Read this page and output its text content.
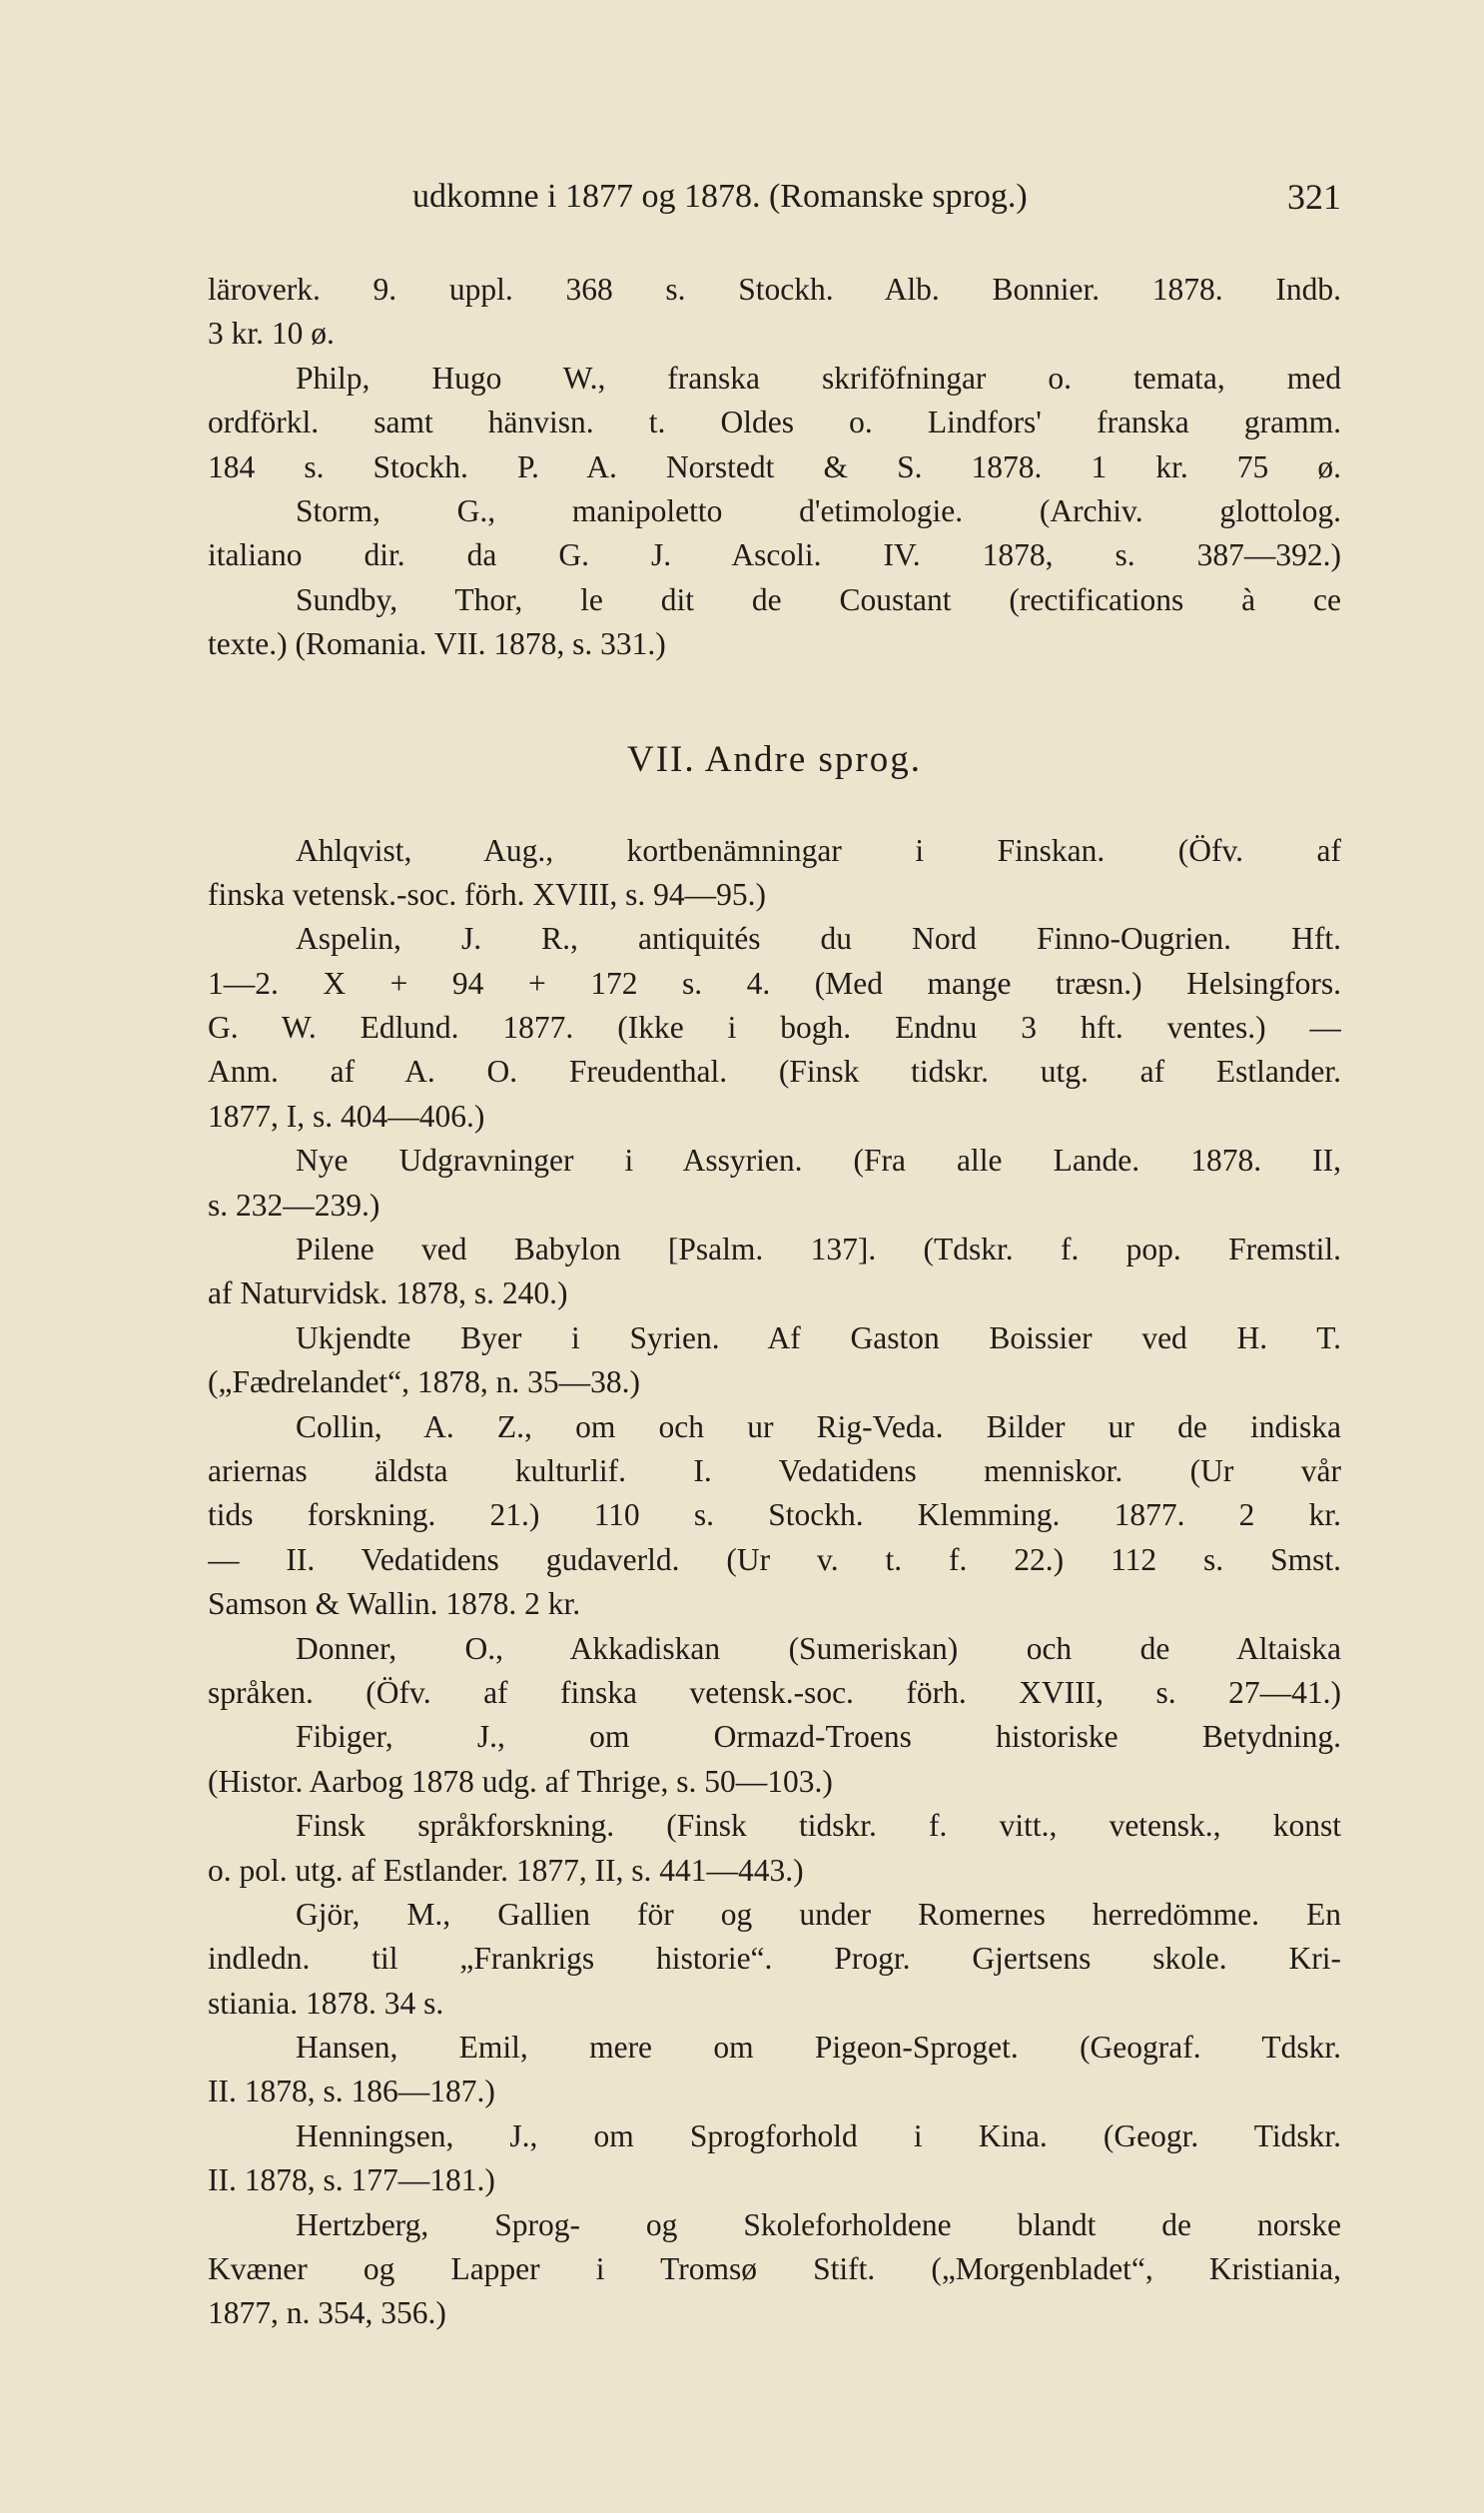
udkomne i 1877 og 1878. (Romanske sprog.)	321
läroverk. 9. uppl. 368 s. Stockh. Alb. Bonnier. 1878. Indb.
3 kr. 10 ø.
Philp, Hugo W., franska skriföfningar o. temata, med
ordförkl. samt hänvisn. t. Oldes o. Lindfors' franska gramm.
184 s. Stockh. P. A. Norstedt & S. 1878. 1 kr. 75 ø.
Storm, G., manipoletto d'etimologie. (Archiv. glottolog.
italiano dir. da G. J. Ascoli. IV. 1878, s. 387—392.)
Sundby, Thor, le dit de Coustant (rectifications à ce
texte.) (Romania. VII. 1878, s. 331.)
VII. Andre sprog.
Ahlqvist, Aug., kortbenämningar i Finskan. (Öfv. af
finska vetensk.-soc. förh. XVIII, s. 94—95.)
Aspelin, J. R., antiquités du Nord Finno-Ougrien. Hft.
1—2. X + 94 + 172 s. 4. (Med mange træsn.) Helsingfors.
G. W. Edlund. 1877. (Ikke i bogh. Endnu 3 hft. ventes.) —
Anm. af A. O. Freudenthal. (Finsk tidskr. utg. af Estlander.
1877, I, s. 404—406.)
Nye Udgravninger i Assyrien. (Fra alle Lande. 1878. II,
s. 232—239.)
Pilene ved Babylon [Psalm. 137]. (Tdskr. f. pop. Fremstil.
af Naturvidsk. 1878, s. 240.)
Ukjendte Byer i Syrien. Af Gaston Boissier ved H. T.
(„Fædrelandet“, 1878, n. 35—38.)
Collin, A. Z., om och ur Rig-Veda. Bilder ur de indiska
ariernas äldsta kulturlif. I. Vedatidens menniskor. (Ur vår
tids forskning. 21.) 110 s. Stockh. Klemming. 1877. 2 kr.
— II. Vedatidens gudaverld. (Ur v. t. f. 22.) 112 s. Smst.
Samson & Wallin. 1878. 2 kr.
Donner, O., Akkadiskan (Sumeriskan) och de Altaiska
språken. (Öfv. af finska vetensk.-soc. förh. XVIII, s. 27—41.)
Fibiger, J., om Ormazd-Troens historiske Betydning.
(Histor. Aarbog 1878 udg. af Thrige, s. 50—103.)
Finsk språkforskning. (Finsk tidskr. f. vitt., vetensk., konst
o. pol. utg. af Estlander. 1877, II, s. 441—443.)
Gjör, M., Gallien för og under Romernes herredömme. En
indledn. til „Frankrigs historie“. Progr. Gjertsens skole. Kri-
stiania. 1878. 34 s.
Hansen, Emil, mere om Pigeon-Sproget. (Geograf. Tdskr.
II. 1878, s. 186—187.)
Henningsen, J., om Sprogforhold i Kina. (Geogr. Tidskr.
II. 1878, s. 177—181.)
Hertzberg, Sprog- og Skoleforholdene blandt de norske
Kvæner og Lapper i Tromsø Stift. („Morgenbladet“, Kristiania,
1877, n. 354, 356.)
